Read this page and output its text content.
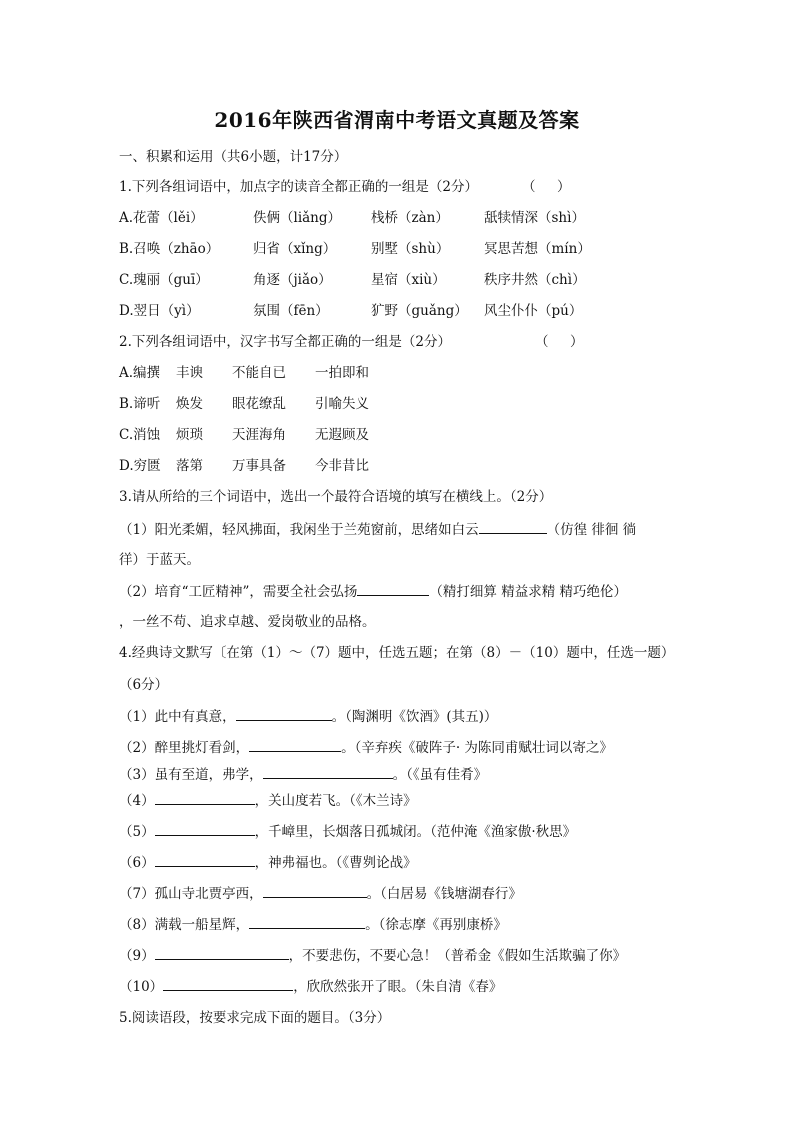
2016年陕西省渭南中考语文真题及答案
一、积累和运用（共6小题，计17分）
1.下列各组词语中，加点字的读音全都正确的一组是（2分）	（     ）
A.花蕾（lěi）	佚俩（liǎng） 栈桥（zàn）	舐犊情深（shì）
B.召唤（zhāo）	归省（xǐng）	别墅（shù）	冥思苦想（mín）
C.瑰丽（guī）	角逐（jiǎo）	星宿（xiù）	秩序井然（chì）
D.翌日（yì）	氛围（fēn）	犷野（guǎng） 风尘仆仆（pú）
2.下列各组词语中，汉字书写全都正确的一组是（2分）	（     ）
A.编撰 丰谀 不能自已 一拍即和
B.谛听 焕发 眼花缭乱 引喻失义
C.消蚀 烦琐 天涯海角 无遐顾及
D.穷匮 落第 万事具备 今非昔比
3.请从所给的三个词语中，选出一个最符合语境的填写在横线上。（2分）
（1）阳光柔媚，轻风拂面，我闲坐于兰苑窗前，思绪如白云	（仿徨 徘徊 徜
徉）于蓝天。
（2）培育“工匠精神”，需要全社会弘扬	（精打细算 精益求精 精巧绝伦）
，一丝不苟、追求卓越、爱岗敬业的品格。
4.经典诗文默写〔在第（1）～（7）题中，任选五题；在第（8）－（10）题中，任选一题）
（6分）
（1）此中有真意，	。（陶渊明《饮酒》(其五)）
（2）醉里挑灯看剑，	。（辛弃疾《破阵子· 为陈同甫赋壮词以寄之》
（3）虽有至道，弗学，	。（《虽有佳肴》
（4）	，关山度若飞。（《木兰诗》
（5）	，千嶂里，长烟落日孤城闭。（范仲淹《渔家傲·秋思》
（6）	，神弗福也。（《曹刿论战》
（7）孤山寺北贾亭西，	。（白居易《钱塘湖春行》
（8）满载一船星辉，	。（徐志摩《再别康桥》
（9）	，不要悲伤，不要心急！（普希金《假如生活欺骗了你》
（10）	，欣欣然张开了眼。（朱自清《春》
5.阅读语段，按要求完成下面的题目。（3分）
